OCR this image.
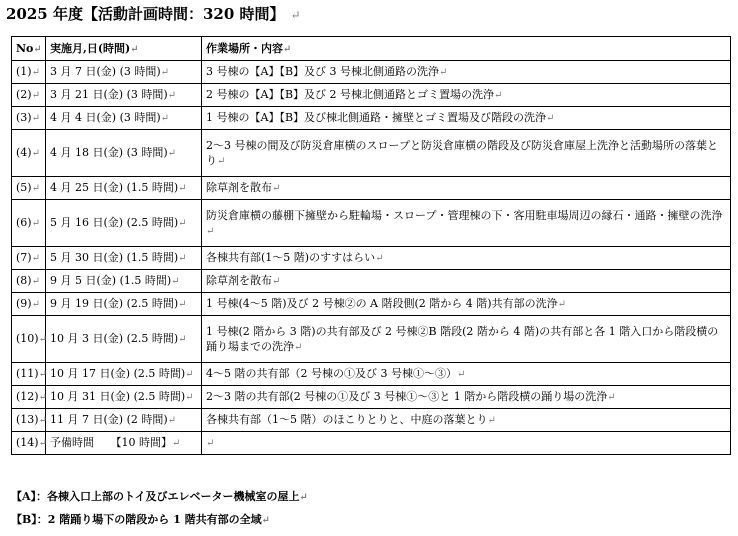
2025 年度【活動計画時間：320 時間】 ↵
No↵	実施月,日(時間)↵	作業場所・内容↵
(1)↵	3 月 7 日(金) (3 時間)↵	3 号棟の【A】【B】及び 3 号棟北側通路の洗浄↵
(2)↵	3 月 21 日(金) (3 時間)↵	2 号棟の【A】【B】及び 2 号棟北側通路とゴミ置場の洗浄↵
(3)↵	4 月 4 日(金) (3 時間)↵	1 号棟の【A】【B】及び棟北側通路・擁壁とゴミ置場及び階段の洗浄↵
(4)↵	4 月 18 日(金) (3 時間)↵	2～3 号棟の間及び防災倉庫横のスロープと防災倉庫横の階段及び防災倉庫屋上洗浄と活動場所の落葉とり↵
(5)↵	4 月 25 日(金) (1.5 時間)↵	除草剤を散布↵
(6)↵	5 月 16 日(金) (2.5 時間)↵	防災倉庫横の藤棚下擁壁から駐輪場・スロープ・管理棟の下・客用駐車場周辺の縁石・通路・擁壁の洗浄↵
(7)↵	5 月 30 日(金) (1.5 時間)↵	各棟共有部(1～5 階)のすすはらい↵
(8)↵	9 月 5 日(金) (1.5 時間)↵	除草剤を散布↵
(9)↵	9 月 19 日(金) (2.5 時間)↵	1 号棟(4～5 階)及び 2 号棟②の A 階段側(2 階から 4 階)共有部の洗浄↵
(10)↵	10 月 3 日(金) (2.5 時間)↵	1 号棟(2 階から 3 階)の共有部及び 2 号棟②B 階段(2 階から 4 階)の共有部と各 1 階入口から階段横の踊り場までの洗浄↵
(11)↵	10 月 17 日(金) (2.5 時間)↵	4～5 階の共有部（2 号棟の①及び 3 号棟①～③）↵
(12)↵	10 月 31 日(金) (2.5 時間)↵	2～3 階の共有部(2 号棟の①及び 3 号棟①～③と 1 階から階段横の踊り場の洗浄↵
(13)↵	11 月 7 日(金) (2 時間)↵	各棟共有部（1～5 階）のほこりとりと、中庭の落葉とり↵
(14)↵	予備時間　　【10 時間】↵	↵
【A】：各棟入口上部のトイ及びエレベーター機械室の屋上↵
【B】：2 階踊り場下の階段から 1 階共有部の全域↵
